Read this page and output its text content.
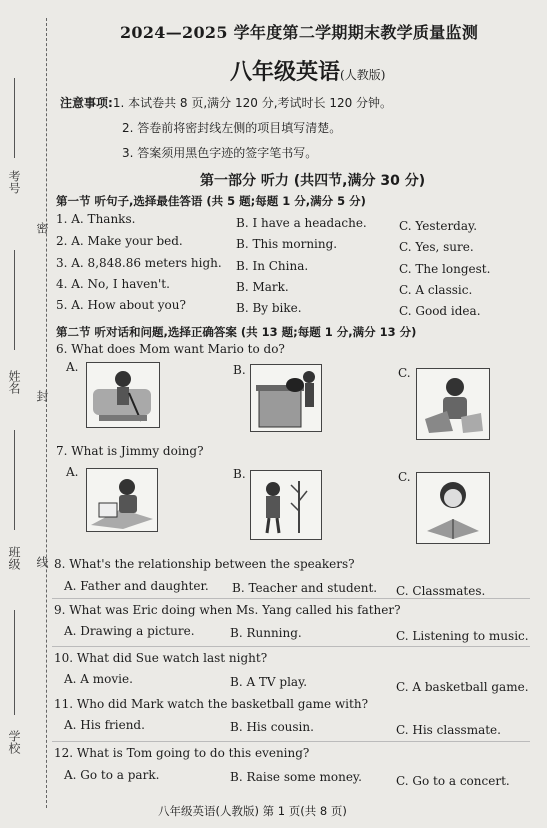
考号
密
姓名
封
班级 线
学校
2024—2025 学年度第二学期期末教学质量监测
八年级英语(人教版)
注意事项:1. 本试卷共 8 页,满分 120 分,考试时长 120 分钟。
2. 答卷前将密封线左侧的项目填写清楚。
3. 答案须用黑色字迹的签字笔书写。
第一部分 听力 (共四节,满分 30 分)
第一节 听句子,选择最佳答语 (共 5 题;每题 1 分,满分 5 分)
1. A. Thanks.	B. I have a headache.	C. Yesterday.
2. A. Make your bed.	B. This morning.	C. Yes, sure.
3. A. 8,848.86 meters high. B. In China.	C. The longest.
4. A. No, I haven't.	B. Mark.	C. A classic.
5. A. How about you?	B. By bike.	C. Good idea.
第二节 听对话和问题,选择正确答案 (共 13 题;每题 1 分,满分 13 分)
6. What does Mom want Mario to do?
A.	B.	C.
7. What is Jimmy doing?
A.	B.	C.
8. What's the relationship between the speakers?
A. Father and daughter. B. Teacher and student. C. Classmates.
9. What was Eric doing when Ms. Yang called his father?
A. Drawing a picture.	B. Running.	C. Listening to music.
10. What did Sue watch last night?
A. A movie.	B. A TV play.	C. A basketball game.
11. Who did Mark watch the basketball game with?
A. His friend.	B. His cousin.	C. His classmate.
12. What is Tom going to do this evening?
A. Go to a park.	B. Raise some money.	C. Go to a concert.
八年级英语(人教版) 第 1 页(共 8 页)
